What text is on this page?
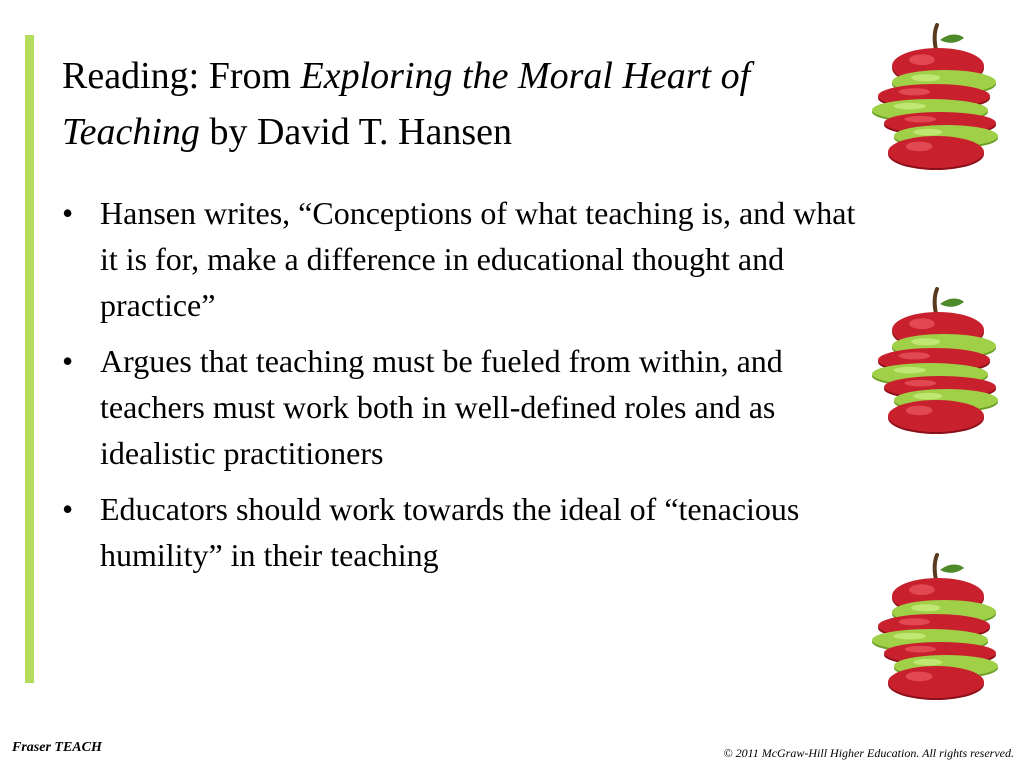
Reading: From Exploring the Moral Heart of Teaching by David T. Hansen
• Hansen writes, “Conceptions of what teaching is, and what it is for, make a difference in educational thought and practice”
• Argues that teaching must be fueled from within, and teachers must work both in well-defined roles and as idealistic practitioners
• Educators should work towards the ideal of “tenacious humility” in their teaching
Fraser TEACH	© 2011 McGraw-Hill Higher Education. All rights reserved.
